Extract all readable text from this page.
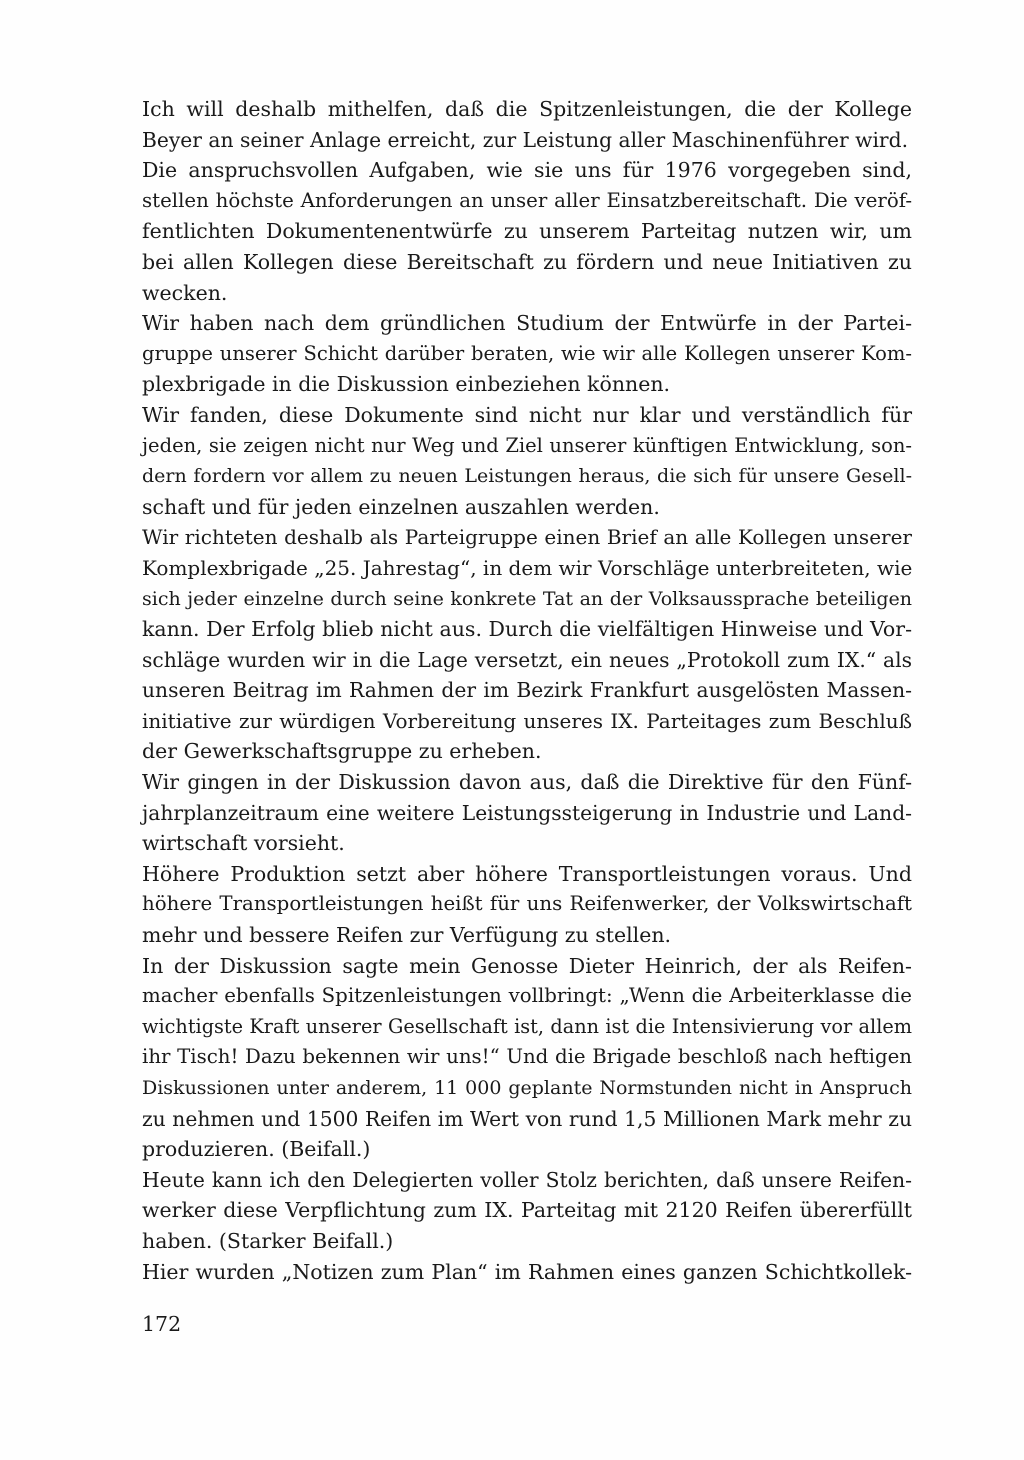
Ich will deshalb mithelfen, daß die Spitzenleistungen, die der Kollege
Beyer an seiner Anlage erreicht, zur Leistung aller Maschinenführer wird.
Die anspruchsvollen Aufgaben, wie sie uns für 1976 vorgegeben sind,
stellen höchste Anforderungen an unser aller Einsatzbereitschaft. Die veröf-
fentlichten Dokumentenentwürfe zu unserem Parteitag nutzen wir, um
bei allen Kollegen diese Bereitschaft zu fördern und neue Initiativen zu
wecken.
Wir haben nach dem gründlichen Studium der Entwürfe in der Partei-
gruppe unserer Schicht darüber beraten, wie wir alle Kollegen unserer Kom-
plexbrigade in die Diskussion einbeziehen können.
Wir fanden, diese Dokumente sind nicht nur klar und verständlich für
jeden, sie zeigen nicht nur Weg und Ziel unserer künftigen Entwicklung, son-
dern fordern vor allem zu neuen Leistungen heraus, die sich für unsere Gesell-
schaft und für jeden einzelnen auszahlen werden.
Wir richteten deshalb als Parteigruppe einen Brief an alle Kollegen unserer
Komplexbrigade „25. Jahrestag“, in dem wir Vorschläge unterbreiteten, wie
sich jeder einzelne durch seine konkrete Tat an der Volksaussprache beteiligen
kann. Der Erfolg blieb nicht aus. Durch die vielfältigen Hinweise und Vor-
schläge wurden wir in die Lage versetzt, ein neues „Protokoll zum IX.“ als
unseren Beitrag im Rahmen der im Bezirk Frankfurt ausgelösten Massen-
initiative zur würdigen Vorbereitung unseres IX. Parteitages zum Beschluß
der Gewerkschaftsgruppe zu erheben.
Wir gingen in der Diskussion davon aus, daß die Direktive für den Fünf-
jahrplanzeitraum eine weitere Leistungssteigerung in Industrie und Land-
wirtschaft vorsieht.
Höhere Produktion setzt aber höhere Transportleistungen voraus. Und
höhere Transportleistungen heißt für uns Reifenwerker, der Volkswirtschaft
mehr und bessere Reifen zur Verfügung zu stellen.
In der Diskussion sagte mein Genosse Dieter Heinrich, der als Reifen-
macher ebenfalls Spitzenleistungen vollbringt: „Wenn die Arbeiterklasse die
wichtigste Kraft unserer Gesellschaft ist, dann ist die Intensivierung vor allem
ihr Tisch! Dazu bekennen wir uns!“ Und die Brigade beschloß nach heftigen
Diskussionen unter anderem, 11 000 geplante Normstunden nicht in Anspruch
zu nehmen und 1500 Reifen im Wert von rund 1,5 Millionen Mark mehr zu
produzieren. (Beifall.)
Heute kann ich den Delegierten voller Stolz berichten, daß unsere Reifen-
werker diese Verpflichtung zum IX. Parteitag mit 2120 Reifen übererfüllt
haben. (Starker Beifall.)
Hier wurden „Notizen zum Plan“ im Rahmen eines ganzen Schichtkollek-
172
